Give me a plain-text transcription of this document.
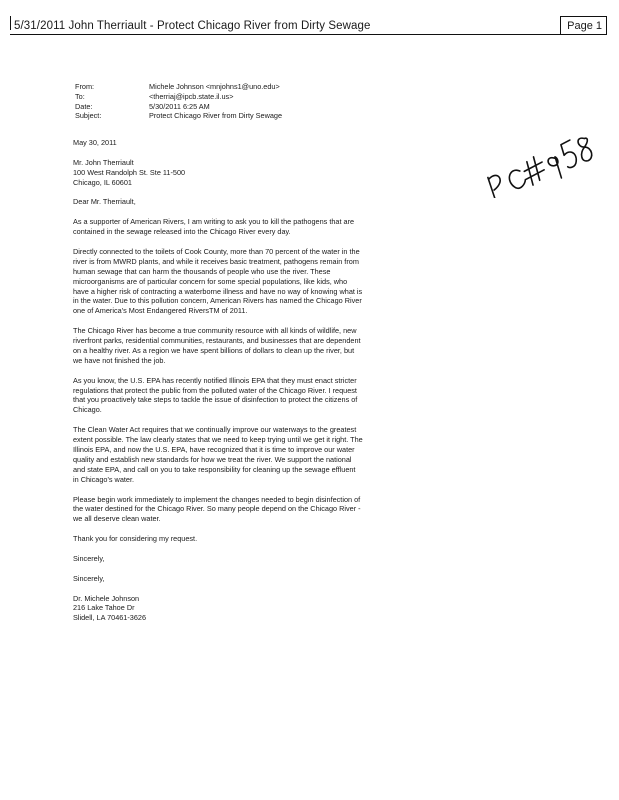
5/31/2011 John Therriault - Protect Chicago River from Dirty Sewage	Page 1
From:	Michele Johnson <mnjohns1@uno.edu>
To:	<therriaj@ipcb.state.il.us>
Date:	5/30/2011 6:25 AM
Subject:	Protect Chicago River from Dirty Sewage

May 30, 2011

Mr. John Therriault
100 West Randolph St. Ste 11-500
Chicago, IL 60601

Dear Mr. Therriault,

As a supporter of American Rivers, I am writing to ask you to kill the pathogens that are contained in the sewage released into the Chicago River every day.

Directly connected to the toilets of Cook County, more than 70 percent of the water in the river is from MWRD plants, and while it receives basic treatment, pathogens remain from human sewage that can harm the thousands of people who use the river. These microorganisms are of particular concern for some special populations, like kids, who have a higher risk of contracting a waterborne illness and have no way of knowing what is in the water. Due to this pollution concern, American Rivers has named the Chicago River one of America's Most Endangered RiversTM of 2011.

The Chicago River has become a true community resource with all kinds of wildlife, new riverfront parks, residential communities, restaurants, and businesses that are dependent on a healthy river. As a region we have spent billions of dollars to clean up the river, but we have not finished the job.

As you know, the U.S. EPA has recently notified Illinois EPA that they must enact stricter regulations that protect the public from the polluted water of the Chicago River. I request that you proactively take steps to tackle the issue of disinfection to protect the citizens of Chicago.

The Clean Water Act requires that we continually improve our waterways to the greatest extent possible. The law clearly states that we need to keep trying until we get it right. The Illinois EPA, and now the U.S. EPA, have recognized that it is time to improve our water quality and establish new standards for how we treat the river. We support the national and state EPA, and call on you to take responsibility for cleaning up the sewage effluent in Chicago's water.

Please begin work immediately to implement the changes needed to begin disinfection of the water destined for the Chicago River. So many people depend on the Chicago River - we all deserve clean water.

Thank you for considering my request.

Sincerely,

Sincerely,

Dr. Michele Johnson
216 Lake Tahoe Dr
Slidell, LA 70461-3626
